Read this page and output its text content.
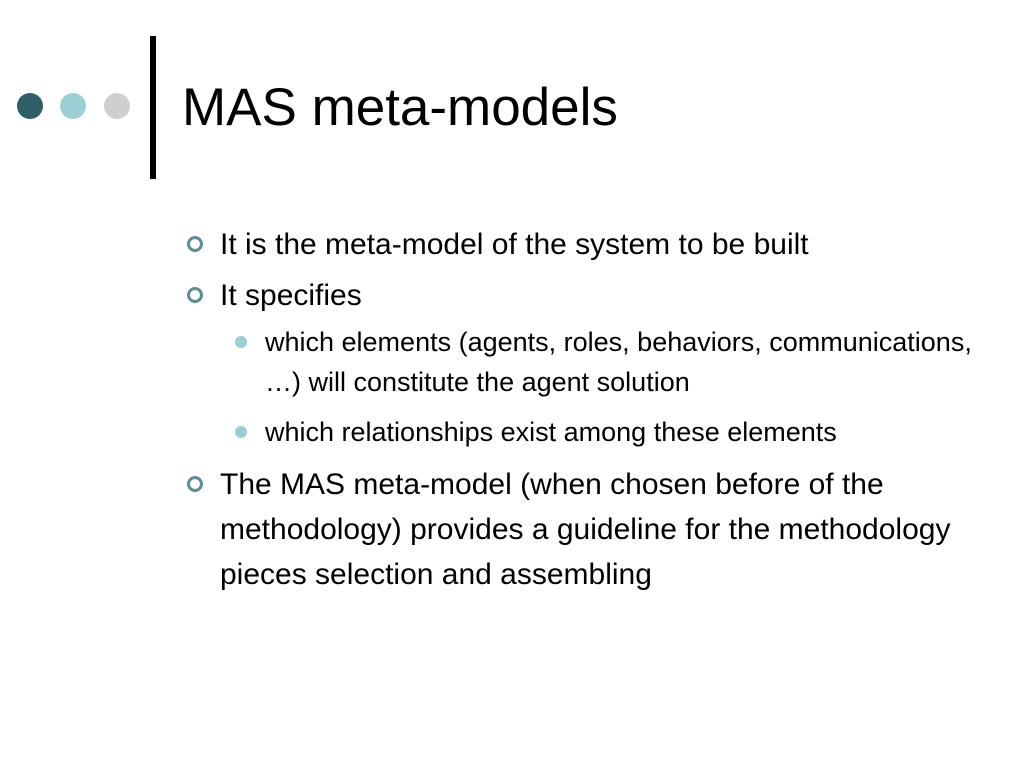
MAS meta-models
It is the meta-model of the system to be built
It specifies
which elements (agents, roles, behaviors, communications, …) will constitute the agent solution
which relationships exist among these elements
The MAS meta-model (when chosen before of the methodology) provides a guideline for the methodology pieces selection and assembling
